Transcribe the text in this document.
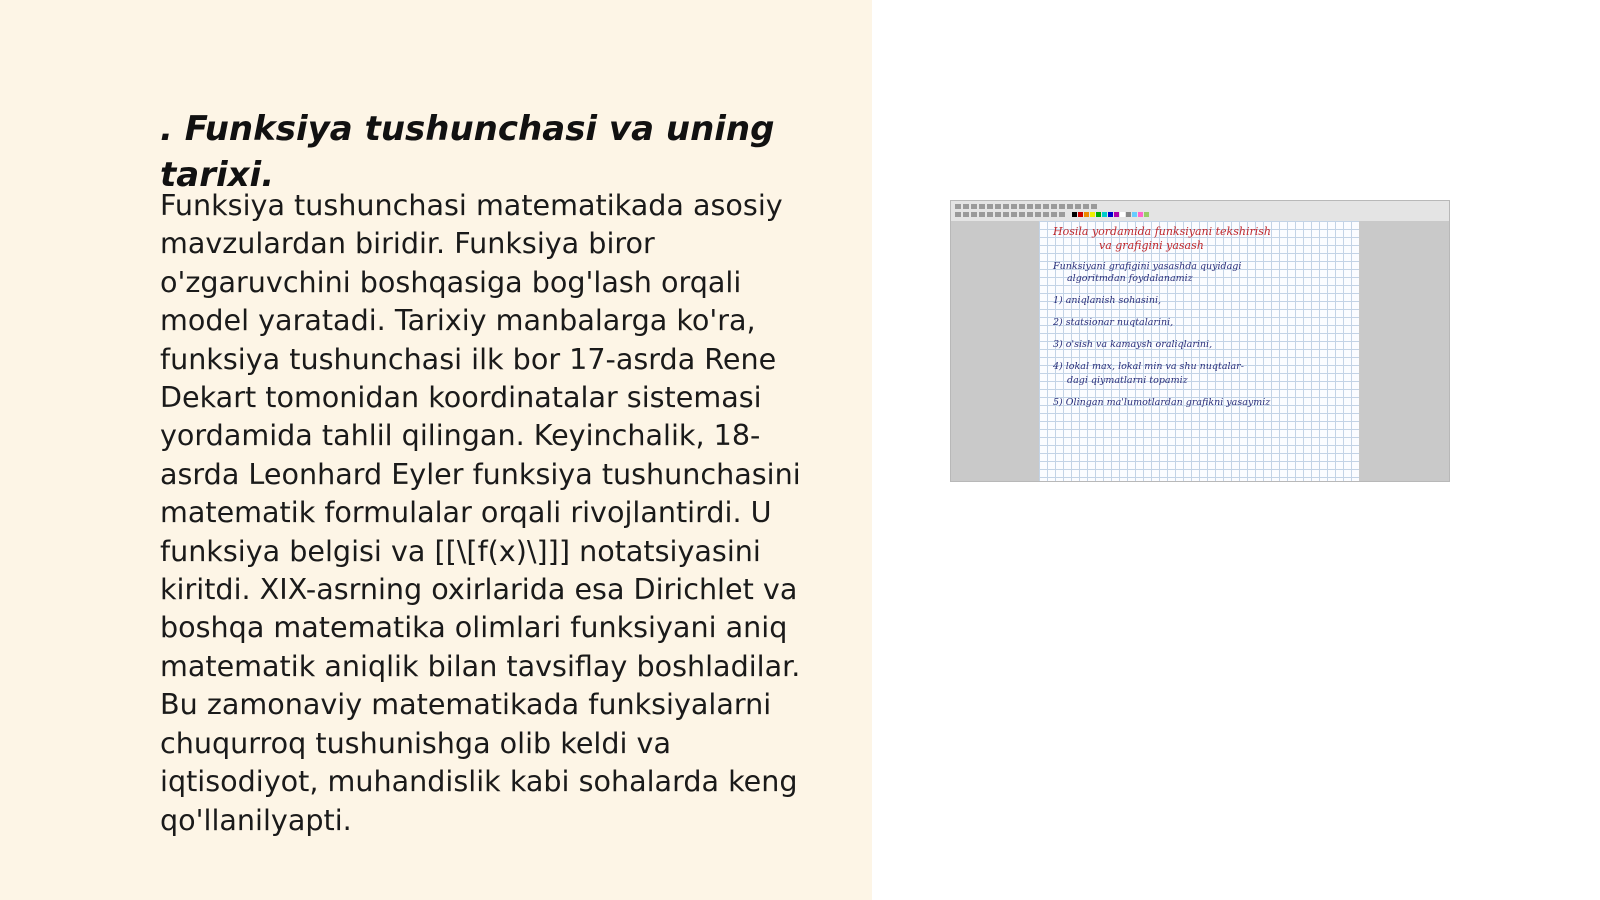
. Funksiya tushunchasi va uning tarixi.

Funksiya tushunchasi matematikada asosiy
mavzulardan biridir. Funksiya biror
o'zgaruvchini boshqasiga bog'lash orqali
model yaratadi. Tarixiy manbalarga ko'ra,
funksiya tushunchasi ilk bor 17-asrda Rene
Dekart tomonidan koordinatalar sistemasi
yordamida tahlil qilingan. Keyinchalik, 18-
asrda Leonhard Eyler funksiya tushunchasini
matematik formulalar orqali rivojlantirdi. U
funksiya belgisi va [[\[f(x)\]]] notatsiyasini
kiritdi. XIX-asrning oxirlarida esa Dirichlet va
boshqa matematika olimlari funksiyani aniq
matematik aniqlik bilan tavsiflay boshladilar.
Bu zamonaviy matematikada funksiyalarni
chuqurroq tushunishga olib keldi va
iqtisodiyot, muhandislik kabi sohalarda keng
qo'llanilyapti.

Hosila yordamida funksiyani tekshirish
va grafigini yasash
Funksiyani grafigini yasashda quyidagi
algoritmdan foydalanamiz
1) aniqlanish sohasini,
2) statsionar nuqtalarini,
3) o'sish va kamaysh oraliqlarini,
4) lokal max, lokal min va shu nuqtalar-
dagi qiymatlarni topamiz
5) Olingan ma'lumotlardan grafikni yasaymiz
